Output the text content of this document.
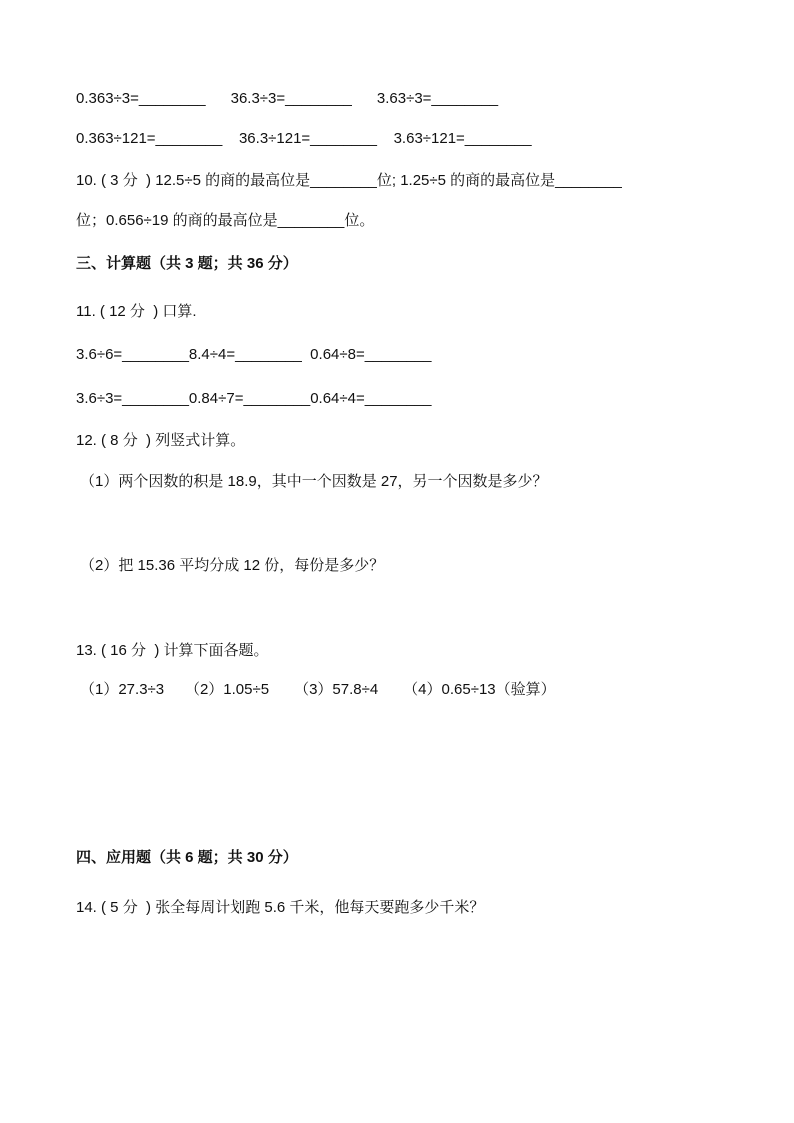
0.363÷3=________      36.3÷3=________      3.63÷3=________
0.363÷121=________    36.3÷121=________    3.63÷121=________
10. ( 3 分  ) 12.5÷5 的商的最高位是________位; 1.25÷5 的商的最高位是________
位；0.656÷19 的商的最高位是________位。
三、计算题（共 3 题；共 36 分）
11. ( 12 分  ) 口算.
3.6÷6=________8.4÷4=________  0.64÷8=________
3.6÷3=________0.84÷7=________0.64÷4=________
12. ( 8 分  ) 列竖式计算。
（1）两个因数的积是 18.9，其中一个因数是 27，另一个因数是多少？
（2）把 15.36 平均分成 12 份，每份是多少？
13. ( 16 分  ) 计算下面各题。
（1）27.3÷3     （2）1.05÷5      （3）57.8÷4      （4）0.65÷13（验算）
四、应用题（共 6 题；共 30 分）
14. ( 5 分  ) 张全每周计划跑 5.6 千米，他每天要跑多少千米？
